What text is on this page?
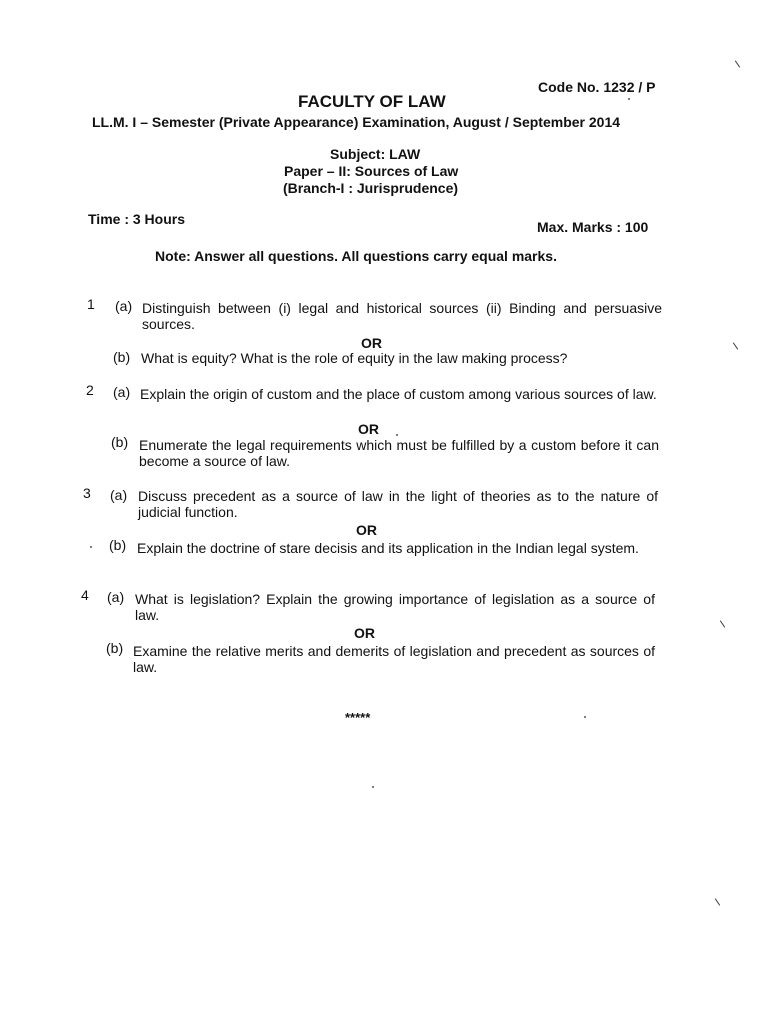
Code No. 1232 / P
FACULTY OF LAW
LL.M. I – Semester (Private Appearance) Examination, August / September 2014
Subject: LAW
Paper – II: Sources of Law
(Branch-I : Jurisprudence)
Time : 3 Hours	Max. Marks : 100
Note: Answer all questions. All questions carry equal marks.
1 (a) Distinguish between (i) legal and historical sources (ii) Binding and persuasive sources.
OR
(b) What is equity? What is the role of equity in the law making process?
2 (a) Explain the origin of custom and the place of custom among various sources of law.
OR
(b) Enumerate the legal requirements which must be fulfilled by a custom before it can become a source of law.
3 (a) Discuss precedent as a source of law in the light of theories as to the nature of judicial function.
OR
(b) Explain the doctrine of stare decisis and its application in the Indian legal system.
4 (a) What is legislation? Explain the growing importance of legislation as a source of law.
OR
(b) Examine the relative merits and demerits of legislation and precedent as sources of law.
*****
